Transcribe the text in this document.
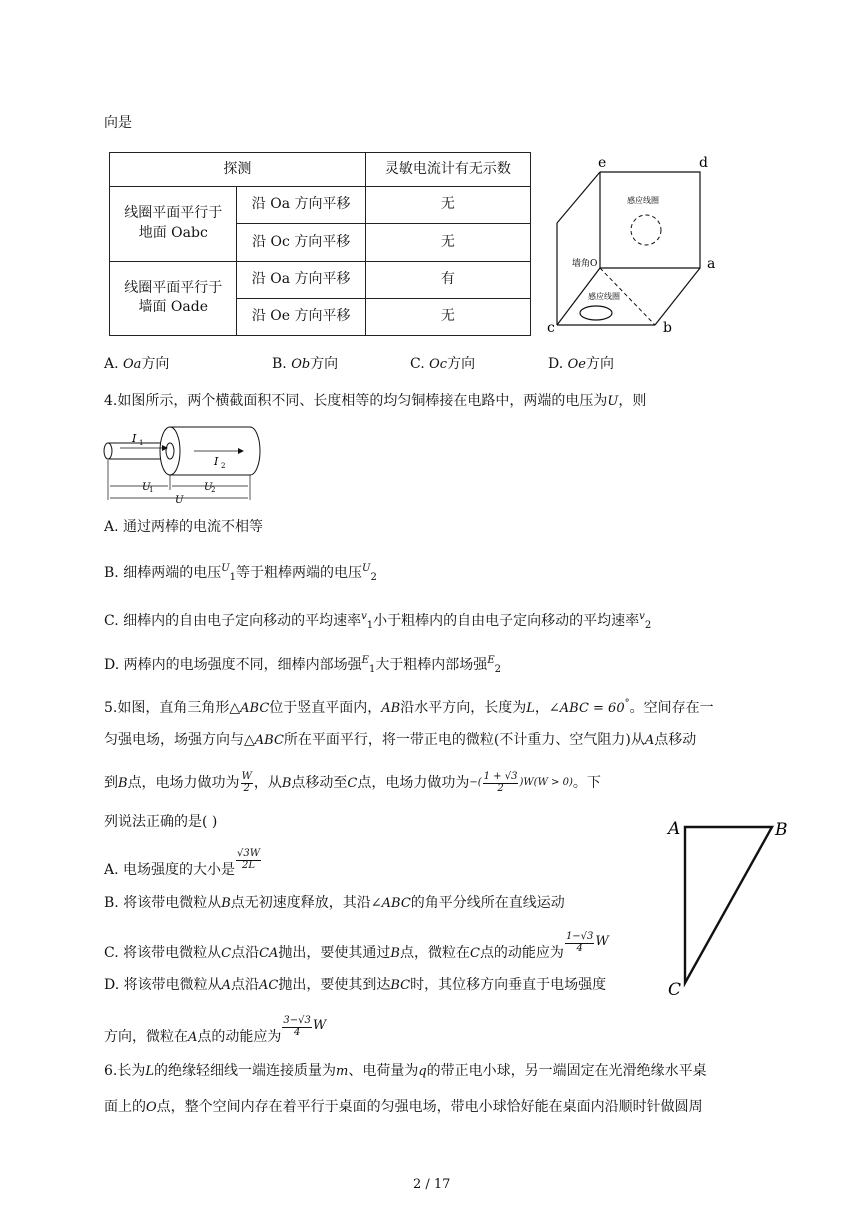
向是
探测		灵敏电流计有无示数
线圈平面平行于
地面 Oabc	沿 Oa 方向平移	无
	沿 Oc 方向平移	无
线圈平面平行于
墙面 Oade	沿 Oa 方向平移	有
	沿 Oe 方向平移	无
感应线圈
感应线圈
墙角O
e	d
a
b
c
A. Oa方向	B. Ob方向	C. Oc方向	D. Oe方向
4.如图所示，两个横截面积不同、长度相等的均匀铜棒接在电路中，两端的电压为U，则
I 1
I 2
U
1	U
2
U
A. 通过两棒的电流不相等
B. 细棒两端的电压$^U_1$等于粗棒两端的电压$^U_2$
C. 细棒内的自由电子定向移动的平均速率$^v_1$小于粗棒内的自由电子定向移动的平均速率$^v_2$
D. 两棒内的电场强度不同，细棒内部场强$^E_1$大于粗棒内部场强$^E_2$
5.如图，直角三角形△ABC位于竖直平面内，AB沿水平方向，长度为L，∠ABC = 60°。空间存在一
匀强电场，场强方向与△ABC所在平面平行，将一带正电的微粒(不计重力、空气阻力)从A点移动
到 B 点，电场力做功为 $\frac{W}{2}$ ，从 B 点移动至 C 点，电场力做功为 −( $\frac{1 + √3}{2} )W(W > 0)$ 。下
列说法正确的是( )
A. 电场强度的大小是 $\frac{√3W}{2L}$
B. 将该带电微粒从B点无初速度释放，其沿∠ABC的角平分线所在直线运动
C. 将该带电微粒从 C 点沿 CA 抛出，要使其通过 B 点，微粒在 C 点的动能应为 $\frac{1-√3}{4}$ W
D. 将该带电微粒从A点沿AC抛出，要使其到达BC时，其位移方向垂直于电场强度
方向，微粒在 A 点的动能应为 $\frac{3-√3}{4}$ W
A	B
C
6.长为L的绝缘轻细线一端连接质量为m、电荷量为q的带正电小球，另一端固定在光滑绝缘水平桌
面上的O点，整个空间内存在着平行于桌面的匀强电场，带电小球恰好能在桌面内沿顺时针做圆周
2 / 17
